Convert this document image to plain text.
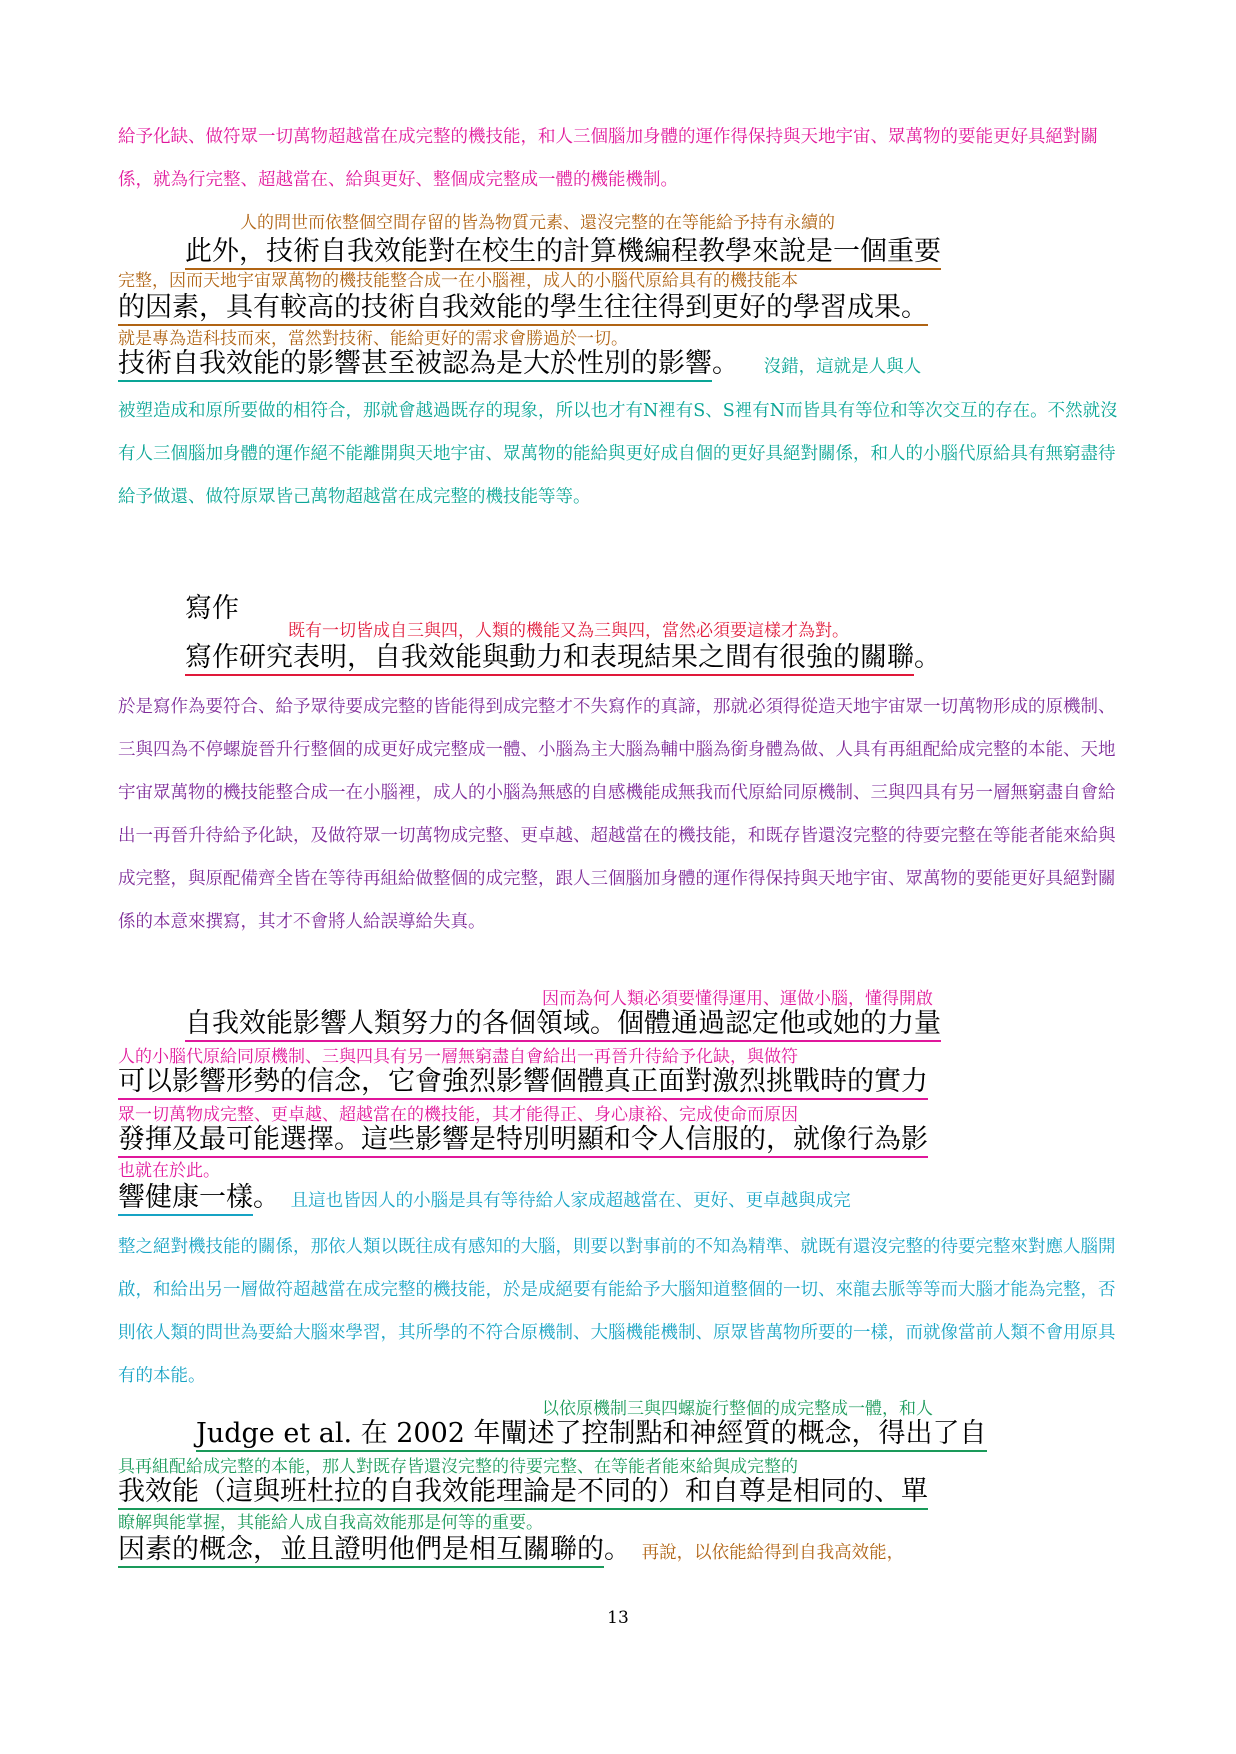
給予化缺、做符眾一切萬物超越當在成完整的機技能，和人三個腦加身體的運作得保持與天地宇宙、眾萬物的要能更好具絕對關係，就為行完整、超越當在、給與更好、整個成完整成一體的機能機制。
人的問世而依整個空間存留的皆為物質元素、還沒完整的在等能給予持有永續的
此外，技術自我效能對在校生的計算機編程教學來說是一個重要
完整，因而天地宇宙眾萬物的機技能整合成一在小腦裡，成人的小腦代原給具有的機技能本
的因素，具有較高的技術自我效能的學生往往得到更好的學習成果。
就是專為造科技而來，當然對技術、能給更好的需求會勝過於一切。
技術自我效能的影響甚至被認為是大於性別的影響。 沒錯，這就是人與人
被塑造成和原所要做的相符合，那就會越過既存的現象，所以也才有N裡有S、S裡有N而皆具有等位和等次交互的存在。不然就沒有人三個腦加身體的運作絕不能離開與天地宇宙、眾萬物的能給與更好成自個的更好具絕對關係，和人的小腦代原給具有無窮盡待給予做還、做符原眾皆己萬物超越當在成完整的機技能等等。
寫作
既有一切皆成自三與四，人類的機能又為三與四，當然必須要這樣才為對。
寫作研究表明，自我效能與動力和表現結果之間有很強的關聯。
於是寫作為要符合、給予眾待要成完整的皆能得到成完整才不失寫作的真諦，那就必須得從造天地宇宙眾一切萬物形成的原機制、三與四為不停螺旋晉升行整個的成更好成完整成一體、小腦為主大腦為輔中腦為銜身體為做、人具有再組配給成完整的本能、天地宇宙眾萬物的機技能整合成一在小腦裡，成人的小腦為無感的自感機能成無我而代原給同原機制、三與四具有另一層無窮盡自會給出一再晉升待給予化缺，及做符眾一切萬物成完整、更卓越、超越當在的機技能，和既存皆還沒完整的待要完整在等能者能來給與成完整，與原配備齊全皆在等待再組給做整個的成完整，跟人三個腦加身體的運作得保持與天地宇宙、眾萬物的要能更好具絕對關係的本意來撰寫，其才不會將人給誤導給失真。
因而為何人類必須要懂得運用、運做小腦，懂得開啟
自我效能影響人類努力的各個領域。個體通過認定他或她的力量
人的小腦代原給同原機制、三與四具有另一層無窮盡自會給出一再晉升待給予化缺，與做符
可以影響形勢的信念，它會強烈影響個體真正面對激烈挑戰時的實力
眾一切萬物成完整、更卓越、超越當在的機技能，其才能得正、身心康裕、完成使命而原因
發揮及最可能選擇。這些影響是特別明顯和令人信服的，就像行為影
也就在於此。
響健康一樣。 且這也皆因人的小腦是具有等待給人家成超越當在、更好、更卓越與成完
整之絕對機技能的關係，那依人類以既往成有感知的大腦，則要以對事前的不知為精準、就既有還沒完整的待要完整來對應人腦開啟，和給出另一層做符超越當在成完整的機技能，於是成絕要有能給予大腦知道整個的一切、來龍去脈等等而大腦才能為完整，否則依人類的問世為要給大腦來學習，其所學的不符合原機制、大腦機能機制、原眾皆萬物所要的一樣，而就像當前人類不會用原具有的本能。
以依原機制三與四螺旋行整個的成完整成一體，和人
Judge et al. 在 2002 年闡述了控制點和神經質的概念，得出了自
具再組配給成完整的本能，那人對既存皆還沒完整的待要完整、在等能者能來給與成完整的
我效能（這與班杜拉的自我效能理論是不同的）和自尊是相同的、單
瞭解與能掌握，其能給人成自我高效能那是何等的重要。
因素的概念，並且證明他們是相互關聯的。 再說，以依能給得到自我高效能，
13
